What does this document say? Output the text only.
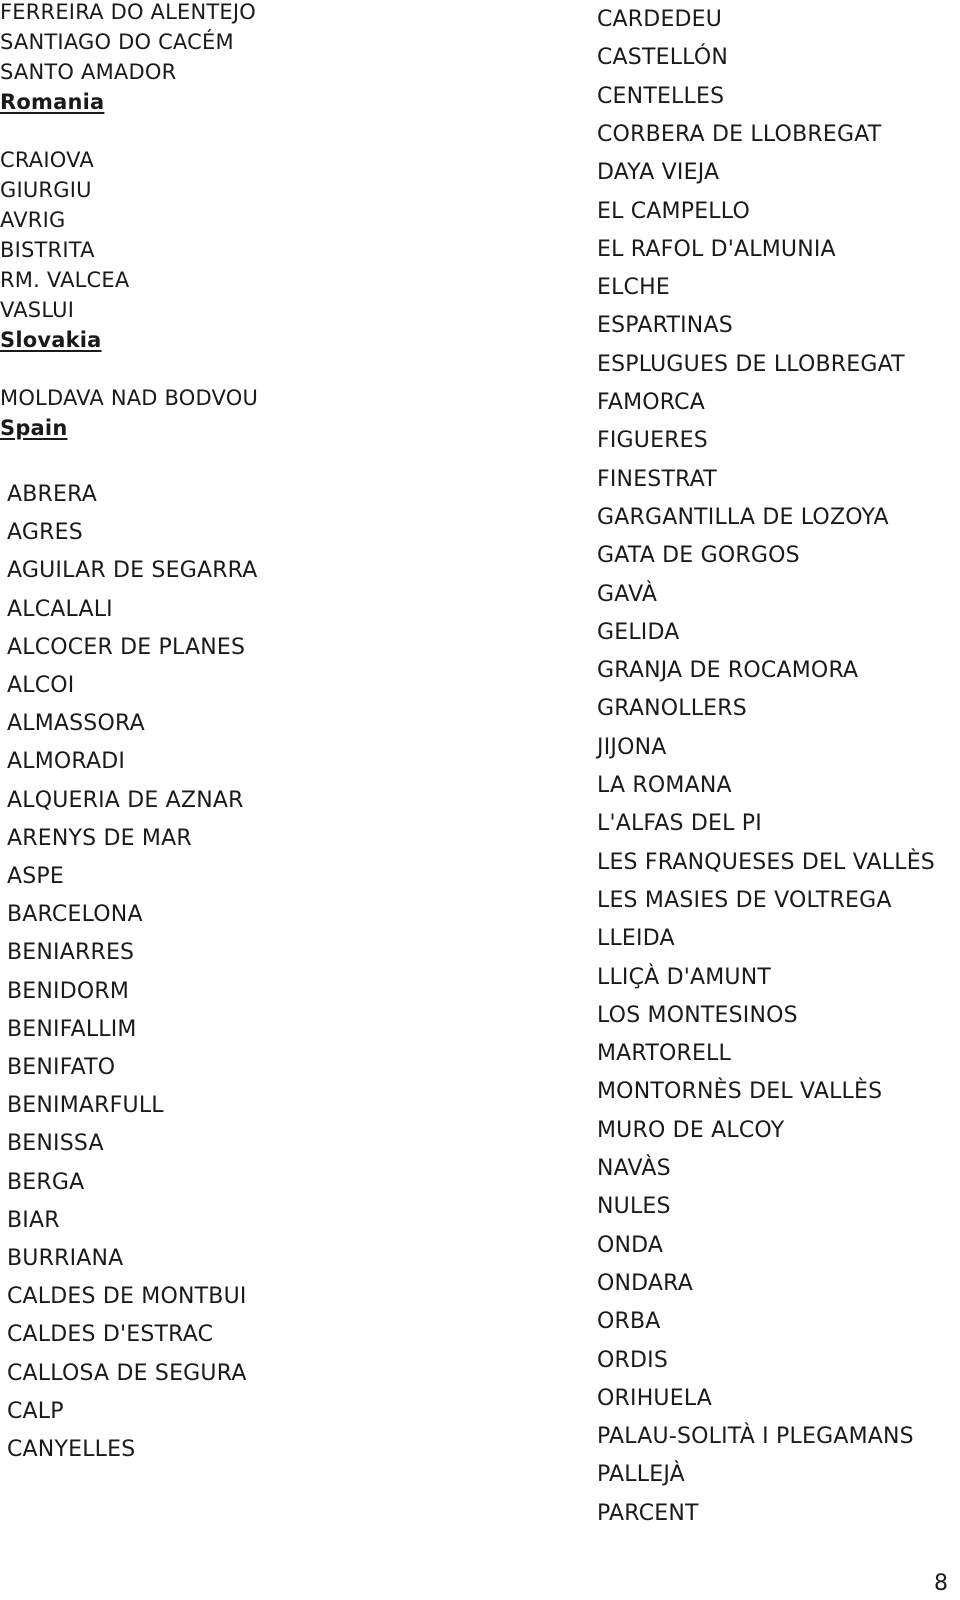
FERREIRA DO ALENTEJO
SANTIAGO DO CACÉM
SANTO AMADOR
Romania
CRAIOVA
GIURGIU
AVRIG
BISTRITA
RM. VALCEA
VASLUI
Slovakia
MOLDAVA NAD BODVOU
Spain
ABRERA
AGRES
AGUILAR DE SEGARRA
ALCALALI
ALCOCER DE PLANES
ALCOI
ALMASSORA
ALMORADI
ALQUERIA DE AZNAR
ARENYS DE MAR
ASPE
BARCELONA
BENIARRES
BENIDORM
BENIFALLIM
BENIFATO
BENIMARFULL
BENISSA
BERGA
BIAR
BURRIANA
CALDES DE MONTBUI
CALDES D'ESTRAC
CALLOSA DE SEGURA
CALP
CANYELLES
CARDEDEU
CASTELLÓN
CENTELLES
CORBERA DE LLOBREGAT
DAYA VIEJA
EL CAMPELLO
EL RAFOL D'ALMUNIA
ELCHE
ESPARTINAS
ESPLUGUES DE LLOBREGAT
FAMORCA
FIGUERES
FINESTRAT
GARGANTILLA DE LOZOYA
GATA DE GORGOS
GAVÀ
GELIDA
GRANJA DE ROCAMORA
GRANOLLERS
JIJONA
LA ROMANA
L'ALFAS DEL PI
LES FRANQUESES DEL VALLÈS
LES MASIES DE VOLTREGA
LLEIDA
LLIÇÀ D'AMUNT
LOS MONTESINOS
MARTORELL
MONTORNÈS DEL VALLÈS
MURO DE ALCOY
NAVÀS
NULES
ONDA
ONDARA
ORBA
ORDIS
ORIHUELA
PALAU-SOLITÀ I PLEGAMANS
PALLEJÀ
PARCENT
8
